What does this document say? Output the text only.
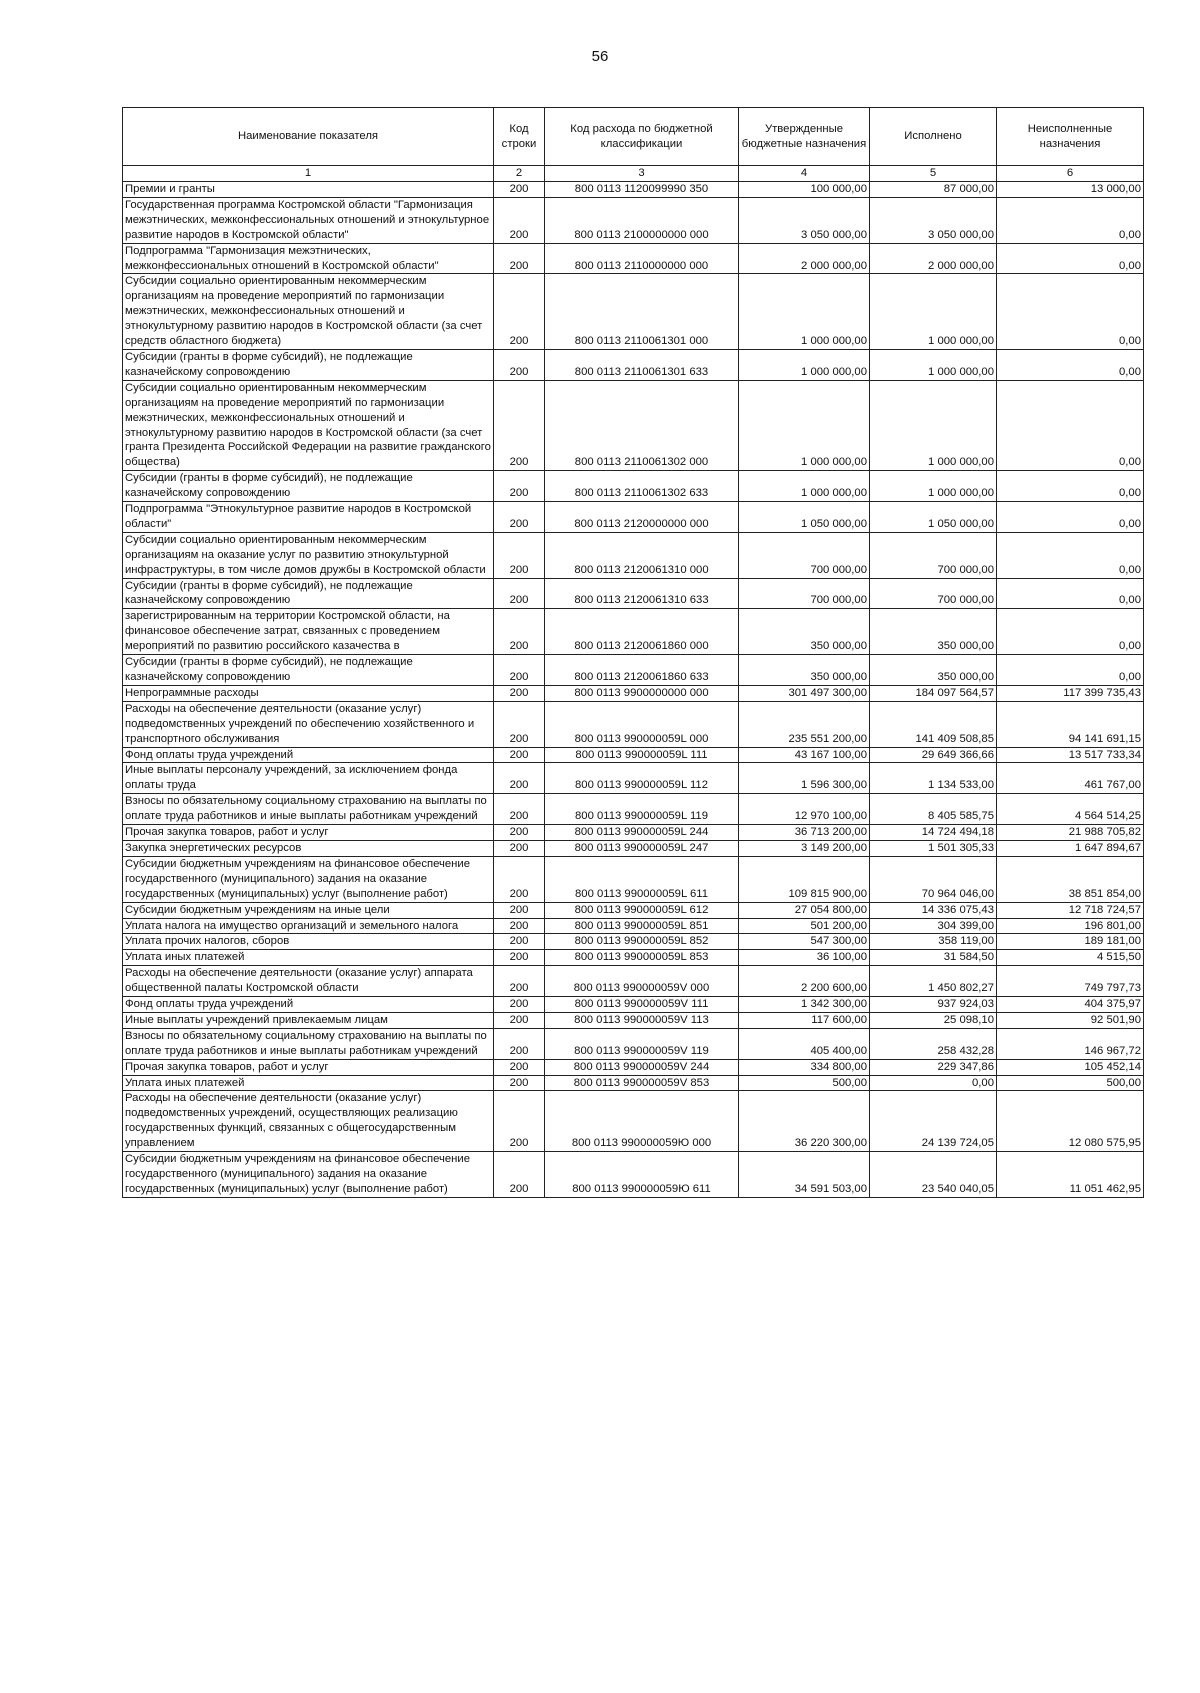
56
Наименование показателя	Код строки	Код расхода по бюджетной классификации	Утвержденные бюджетные назначения	Исполнено	Неисполненные назначения
1	2	3	4	5	6
Премии и гранты	200	800 0113 1120099990 350	100 000,00	87 000,00	13 000,00
Государственная программа Костромской области "Гармонизация межэтнических, межконфессиональных отношений и этнокультурное развитие народов в Костромской области"	200	800 0113 2100000000 000	3 050 000,00	3 050 000,00	0,00
Подпрограмма "Гармонизация межэтнических, межконфессиональных отношений в Костромской области"	200	800 0113 2110000000 000	2 000 000,00	2 000 000,00	0,00
Субсидии социально ориентированным некоммерческим организациям на проведение мероприятий по гармонизации межэтнических, межконфессиональных отношений и этнокультурному развитию народов в Костромской области (за счет средств областного бюджета)	200	800 0113 2110061301 000	1 000 000,00	1 000 000,00	0,00
Субсидии (гранты в форме субсидий), не подлежащие казначейскому сопровождению	200	800 0113 2110061301 633	1 000 000,00	1 000 000,00	0,00
Субсидии социально ориентированным некоммерческим организациям на проведение мероприятий по гармонизации межэтнических, межконфессиональных отношений и этнокультурному развитию народов в Костромской области (за счет гранта Президента Российской Федерации на развитие гражданского общества)	200	800 0113 2110061302 000	1 000 000,00	1 000 000,00	0,00
Субсидии (гранты в форме субсидий), не подлежащие казначейскому сопровождению	200	800 0113 2110061302 633	1 000 000,00	1 000 000,00	0,00
Подпрограмма "Этнокультурное развитие народов в Костромской области"	200	800 0113 2120000000 000	1 050 000,00	1 050 000,00	0,00
Субсидии социально ориентированным некоммерческим организациям на оказание услуг по развитию этнокультурной инфраструктуры, в том числе домов дружбы в Костромской области	200	800 0113 2120061310 000	700 000,00	700 000,00	0,00
Субсидии (гранты в форме субсидий), не подлежащие казначейскому сопровождению	200	800 0113 2120061310 633	700 000,00	700 000,00	0,00
зарегистрированным на территории Костромской области, на финансовое обеспечение затрат, связанных с проведением мероприятий по развитию российского казачества в	200	800 0113 2120061860 000	350 000,00	350 000,00	0,00
Субсидии (гранты в форме субсидий), не подлежащие казначейскому сопровождению	200	800 0113 2120061860 633	350 000,00	350 000,00	0,00
Непрограммные расходы	200	800 0113 9900000000 000	301 497 300,00	184 097 564,57	117 399 735,43
Расходы на обеспечение деятельности (оказание услуг) подведомственных учреждений по обеспечению хозяйственного и транспортного обслуживания	200	800 0113 990000059L 000	235 551 200,00	141 409 508,85	94 141 691,15
Фонд оплаты труда учреждений	200	800 0113 990000059L 111	43 167 100,00	29 649 366,66	13 517 733,34
Иные выплаты персоналу учреждений, за исключением фонда оплаты труда	200	800 0113 990000059L 112	1 596 300,00	1 134 533,00	461 767,00
Взносы по обязательному социальному страхованию на выплаты по оплате труда работников и иные выплаты работникам учреждений	200	800 0113 990000059L 119	12 970 100,00	8 405 585,75	4 564 514,25
Прочая закупка товаров, работ и услуг	200	800 0113 990000059L 244	36 713 200,00	14 724 494,18	21 988 705,82
Закупка энергетических ресурсов	200	800 0113 990000059L 247	3 149 200,00	1 501 305,33	1 647 894,67
Субсидии бюджетным учреждениям на финансовое обеспечение государственного (муниципального) задания на оказание государственных (муниципальных) услуг (выполнение работ)	200	800 0113 990000059L 611	109 815 900,00	70 964 046,00	38 851 854,00
Субсидии бюджетным учреждениям на иные цели	200	800 0113 990000059L 612	27 054 800,00	14 336 075,43	12 718 724,57
Уплата налога на имущество организаций и земельного налога	200	800 0113 990000059L 851	501 200,00	304 399,00	196 801,00
Уплата прочих налогов, сборов	200	800 0113 990000059L 852	547 300,00	358 119,00	189 181,00
Уплата иных платежей	200	800 0113 990000059L 853	36 100,00	31 584,50	4 515,50
Расходы на обеспечение деятельности (оказание услуг) аппарата общественной палаты Костромской области	200	800 0113 990000059V 000	2 200 600,00	1 450 802,27	749 797,73
Фонд оплаты труда учреждений	200	800 0113 990000059V 111	1 342 300,00	937 924,03	404 375,97
Иные выплаты учреждений привлекаемым лицам	200	800 0113 990000059V 113	117 600,00	25 098,10	92 501,90
Взносы по обязательному социальному страхованию на выплаты по оплате труда работников и иные выплаты работникам учреждений	200	800 0113 990000059V 119	405 400,00	258 432,28	146 967,72
Прочая закупка товаров, работ и услуг	200	800 0113 990000059V 244	334 800,00	229 347,86	105 452,14
Уплата иных платежей	200	800 0113 990000059V 853	500,00	0,00	500,00
Расходы на обеспечение деятельности (оказание услуг) подведомственных учреждений, осуществляющих реализацию государственных функций, связанных с общегосударственным управлением	200	800 0113 990000059Ю 000	36 220 300,00	24 139 724,05	12 080 575,95
Субсидии бюджетным учреждениям на финансовое обеспечение государственного (муниципального) задания на оказание государственных (муниципальных) услуг (выполнение работ)	200	800 0113 990000059Ю 611	34 591 503,00	23 540 040,05	11 051 462,95
